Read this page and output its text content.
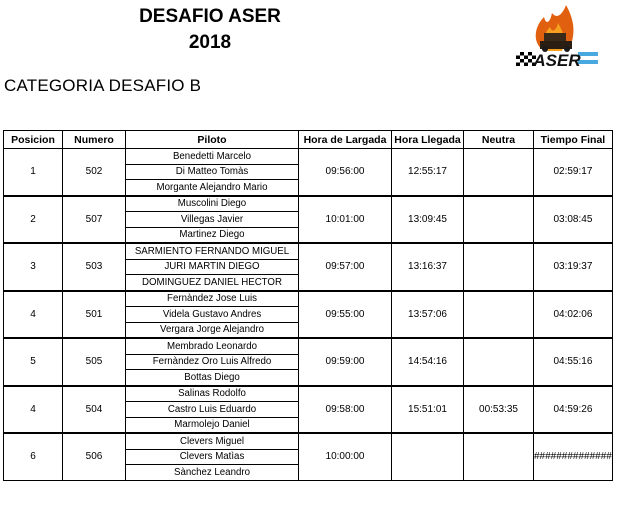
DESAFIO ASER
2018
CATEGORIA DESAFIO B
ASER
Posicion	Numero	Piloto	Hora de Largada	Hora Llegada	Neutra	Tiempo Final
1	502	Benedetti Marcelo	09:56:00	12:55:17		02:59:17
		Di Matteo Tomàs				
		Morgante Alejandro Mario				
2	507	Muscolini Diego	10:01:00	13:09:45		03:08:45
		Villegas Javier				
		Martinez Diego				
3	503	SARMIENTO FERNANDO MIGUEL	09:57:00	13:16:37		03:19:37
		JURI MARTIN DIEGO				
		DOMINGUEZ DANIEL HECTOR				
4	501	Fernàndez Jose Luis	09:55:00	13:57:06		04:02:06
		Videla Gustavo Andres				
		Vergara Jorge Alejandro				
5	505	Membrado Leonardo	09:59:00	14:54:16		04:55:16
		Fernàndez Oro Luis Alfredo				
		Bottas Diego				
4	504	Salinas Rodolfo	09:58:00	15:51:01	00:53:35	04:59:26
		Castro Luis Eduardo				
		Marmolejo Daniel				
6	506	Clevers Miguel	10:00:00			##############
		Clevers Matìas				
		Sànchez Leandro				
